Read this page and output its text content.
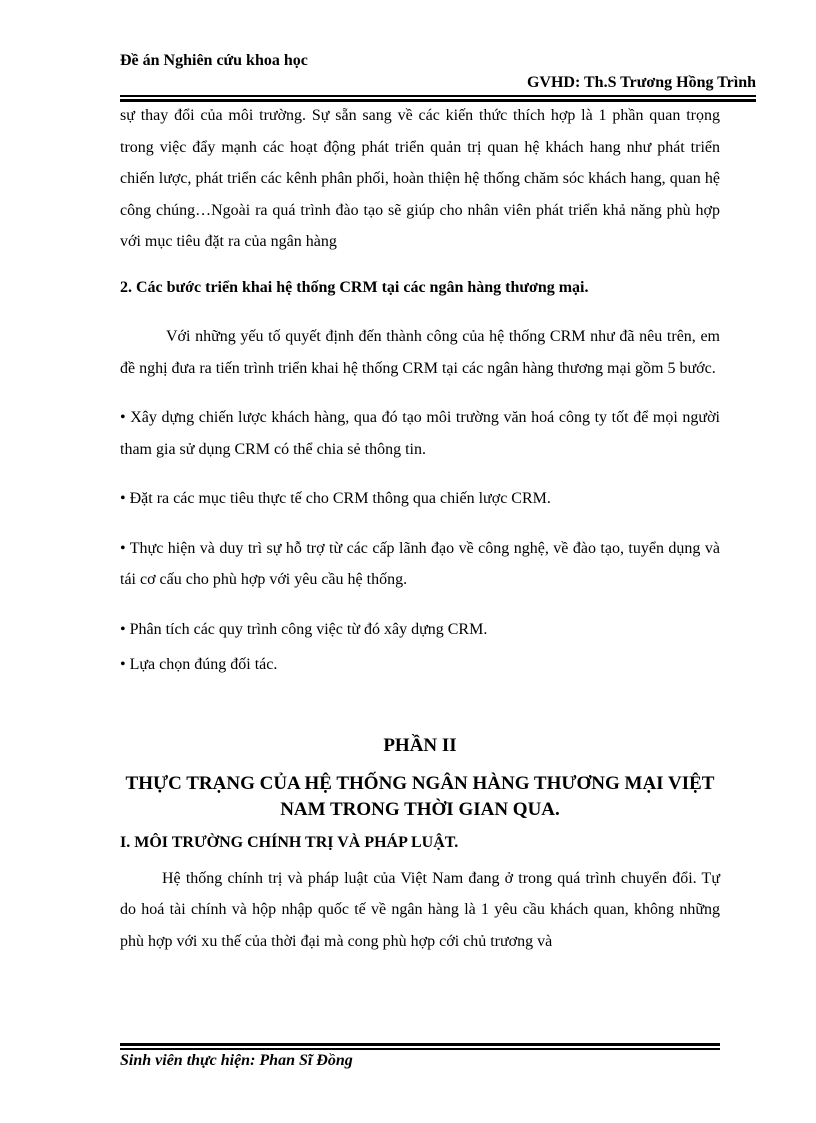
Đề án Nghiên cứu khoa học
GVHD: Th.S Trương Hồng Trình

sự thay đổi của môi trường. Sự sẵn sang về các kiến thức thích hợp là 1 phần quan trọng trong việc đẩy mạnh các hoạt động phát triển quản trị quan hệ khách hang như phát triển chiến lược, phát triển các kênh phân phối, hoàn thiện hệ thống chăm sóc khách hang, quan hệ công chúng…Ngoài ra quá trình đào tạo sẽ giúp cho nhân viên phát triển khả năng phù hợp với mục tiêu đặt ra của ngân hàng

2. Các bước triển khai hệ thống CRM tại các ngân hàng thương mại.

Với những yếu tố quyết định đến thành công của hệ thống CRM như đã nêu trên, em đề nghị đưa ra tiến trình triển khai hệ thống CRM tại các ngân hàng thương mại gồm 5 bước.

• Xây dựng chiến lược khách hàng, qua đó tạo môi trường văn hoá công ty tốt để mọi người tham gia sử dụng CRM có thể chia sẻ thông tin.

• Đặt ra các mục tiêu thực tế cho CRM thông qua chiến lược CRM.

• Thực hiện và duy trì sự hỗ trợ từ các cấp lãnh đạo về công nghệ, về đào tạo, tuyển dụng và tái cơ cấu cho phù hợp với yêu cầu hệ thống.

• Phân tích các quy trình công việc từ đó xây dựng CRM.

• Lựa chọn đúng đối tác.

PHẦN II
THỰC TRẠNG CỦA HỆ THỐNG NGÂN HÀNG THƯƠNG MẠI VIỆT NAM TRONG THỜI GIAN QUA.
I. MÔI TRƯỜNG CHÍNH TRỊ VÀ PHÁP LUẬT.

Hệ thống chính trị và pháp luật của Việt Nam đang ở trong quá trình chuyển đổi. Tự do hoá tài chính và hộp nhập quốc tế về ngân hàng là 1 yêu cầu khách quan, không những phù hợp với xu thế của thời đại mà cong phù hợp cới chủ trương và

Sinh viên thực hiện: Phan Sĩ Đồng
